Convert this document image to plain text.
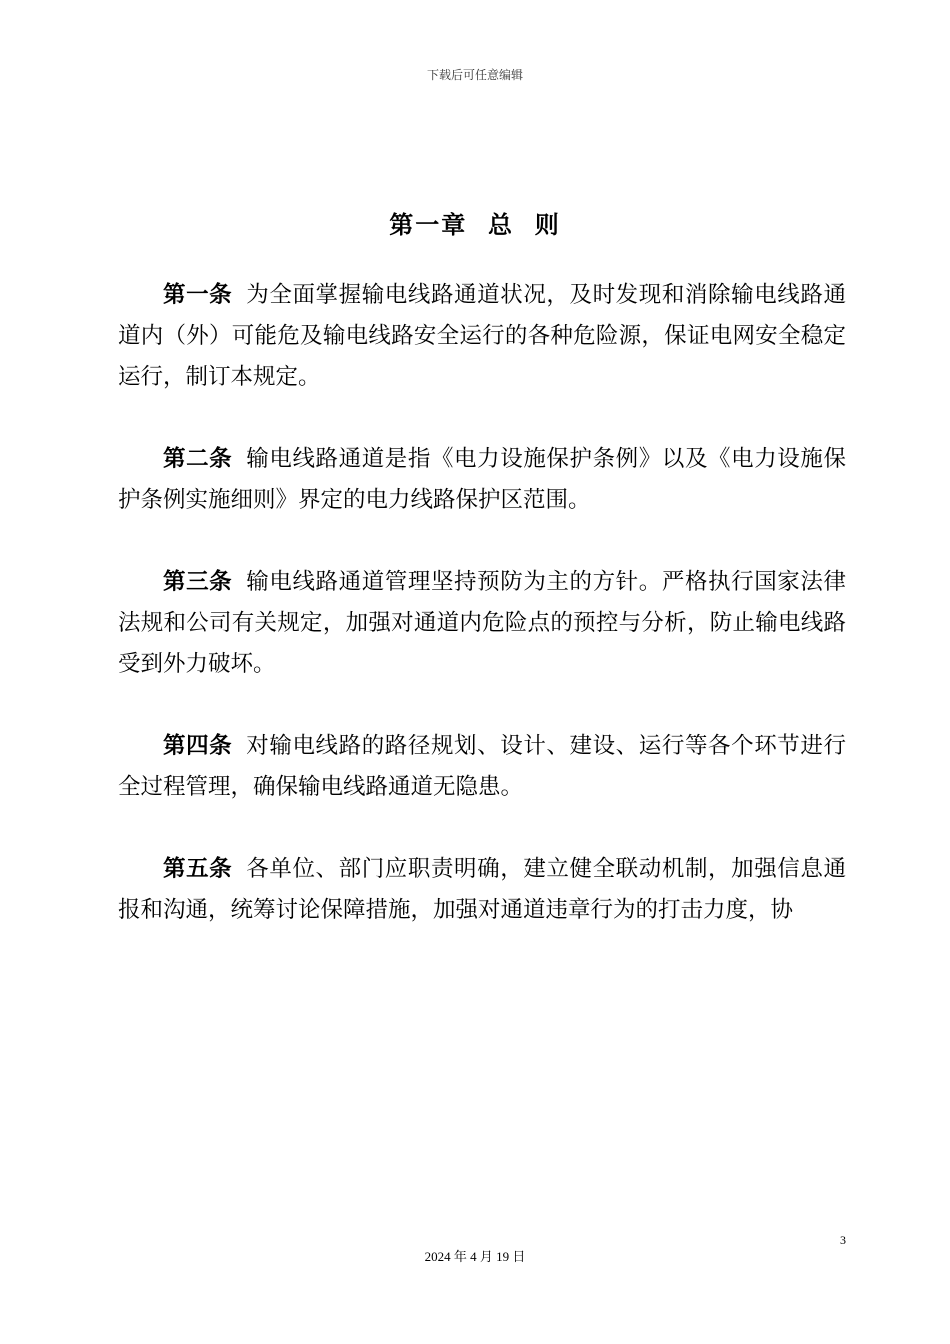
下载后可任意编辑
第一章  总  则

第一条 为全面掌握输电线路通道状况，及时发现和消除输电线路通道内（外）可能危及输电线路安全运行的各种危险源，保证电网安全稳定运行，制订本规定。

第二条 输电线路通道是指《电力设施保护条例》以及《电力设施保护条例实施细则》界定的电力线路保护区范围。

第三条 输电线路通道管理坚持预防为主的方针。严格执行国家法律法规和公司有关规定，加强对通道内危险点的预控与分析，防止输电线路受到外力破坏。

第四条 对输电线路的路径规划、设计、建设、运行等各个环节进行全过程管理，确保输电线路通道无隐患。

第五条 各单位、部门应职责明确，建立健全联动机制，加强信息通报和沟通，统筹讨论保障措施，加强对通道违章行为的打击力度，协

3
2024 年 4 月 19 日
